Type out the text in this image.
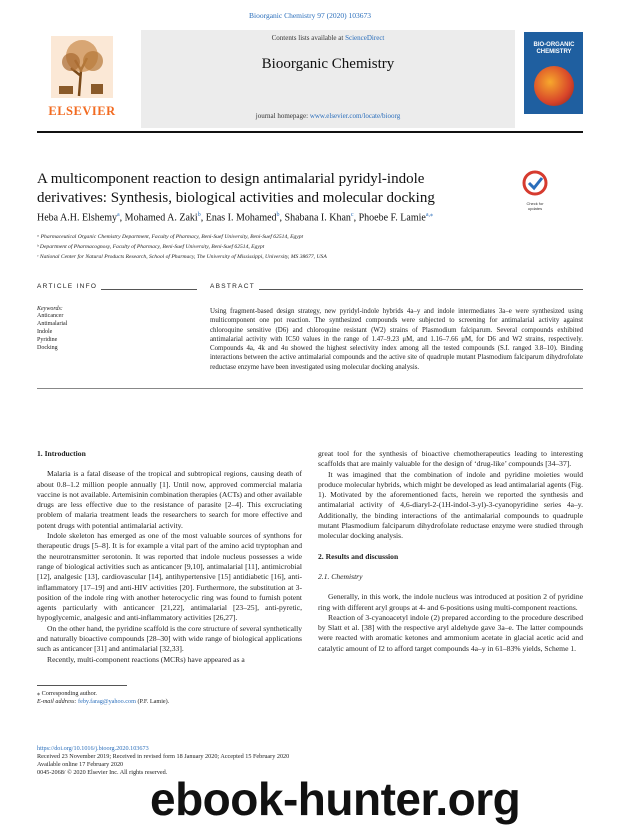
Bioorganic Chemistry 97 (2020) 103673
ELSEVIER
Contents lists available at ScienceDirect
Bioorganic Chemistry
journal homepage: www.elsevier.com/locate/bioorg
BIO-ORGANIC CHEMISTRY
A multicomponent reaction to design antimalarial pyridyl-indole
derivatives: Synthesis, biological activities and molecular docking	Check for updates
Heba A.H. Elshemy$^a$, Mohamed A. Zaki$^b$, Enas I. Mohamed$^b$, Shabana I. Khan$^c$, Phoebe F. Lamie$^{a,⁎}$
ᵃ Pharmaceutical Organic Chemistry Department, Faculty of Pharmacy, Beni-Suef University, Beni-Suef 62514, Egypt
ᵇ Department of Pharmacognosy, Faculty of Pharmacy, Beni-Suef University, Beni-Suef 62514, Egypt
ᶜ National Center for Natural Products Research, School of Pharmacy, The University of Mississippi, University, MS 38677, USA
ARTICLE INFO	ABSTRACT
Keywords:
Anticancer
Antimalarial
Indole
Pyridine
Docking
Using fragment-based design strategy, new pyridyl-indole hybrids 4a–y and indole intermediates 3a–e were synthesized using multicomponent one pot reaction. The synthesized compounds were subjected to screening for antimalarial activity against chloroquine sensitive (D6) and chloroquine resistant (W2) strains of Plasmodium falciparum. Several compounds exhibited antimalarial activity with IC50 values in the range of 1.47–9.23 μM, and 1.16–7.66 μM, for D6 and W2 strains, respectively. Compounds 4a, 4k and 4u showed the highest selectivity index among all the tested compounds (S.I. ranged 3.8–10). Binding interactions between the active antimalarial compounds and the active site of quadruple mutant Plasmodium falciparum dihydrofolate reductase enzyme have been investigated using molecular docking analysis.

1. Introduction

Malaria is a fatal disease of the tropical and subtropical regions, causing death of about 0.8–1.2 million people annually [1]. Until now, approved commercial malaria vaccine is not available. Artemisinin combination therapies (ACTs) and other available drugs are less effective due to the resistance of parasite [2–4]. This excruciating problem of malaria treatment leads the researchers to search for more effective and potent drugs with potential antimalarial activity.

Indole skeleton has emerged as one of the most valuable sources of synthons for therapeutic drugs [5–8]. It is for example a vital part of the amino acid tryptophan and the neurotransmitter serotonin. It was reported that indole nucleus possesses a wide range of biological activities such as anticancer [9,10], antimalarial [11], antimicrobial [12], analgesic [13], cardiovascular [14], antihypertensive [15] antidiabetic [16], anti-inflammatory [17–19] and anti-HIV activities [20]. Furthermore, the substitution at 3-position of the indole ring with another heterocyclic ring was found to furnish potent agents particularly with anticancer [21,22], antimalarial [23–25], anti-pyretic, hypoglycemic, analgesic and anti-inflammatory activities [26,27].

On the other hand, the pyridine scaffold is the core structure of several synthetically and naturally bioactive compounds [28–30] with wide range of biological applications such as anticancer [31] and antimalarial [32,33].

Recently, multi-component reactions (MCRs) have appeared as a

great tool for the synthesis of bioactive chemotherapeutics leading to interesting scaffolds that are mainly valuable for the design of ‘drug-like’ compounds [34–37].

It was imagined that the combination of indole and pyridine moieties would produce molecular hybrids, which might be developed as lead antimalarial agents (Fig. 1). Motivated by the aforementioned facts, herein we reported the synthesis and antimalarial activity of 4,6-diaryl-2-(1H-indol-3-yl)-3-cyanopyridine series 4a–y. Additionally, the binding interactions of the antimalarial compounds to quadruple mutant Plasmodium falciparum dihydrofolate reductase enzyme were studied through molecular docking analysis.

2. Results and discussion

2.1. Chemistry

Generally, in this work, the indole nucleus was introduced at position 2 of pyridine ring with different aryl groups at 4- and 6-positions using multi-component reactions.

Reaction of 3-cyanoacetyl indole (2) prepared according to the procedure described by Slatt et al. [38] with the respective aryl aldehyde gave 3a–e. The latter compounds were reacted with aromatic ketones and ammonium acetate in glacial acetic acid and catalytic amount of I2 to afford target compounds 4a–y in 61–83% yields, Scheme 1.

⁎ Corresponding author.
E-mail address: feby.farag@yahoo.com (P.F. Lamie).
https://doi.org/10.1016/j.bioorg.2020.103673
Received 23 November 2019; Received in revised form 18 January 2020; Accepted 15 February 2020
Available online 17 February 2020
0045-2068/ © 2020 Elsevier Inc. All rights reserved.
ebook-hunter.org
